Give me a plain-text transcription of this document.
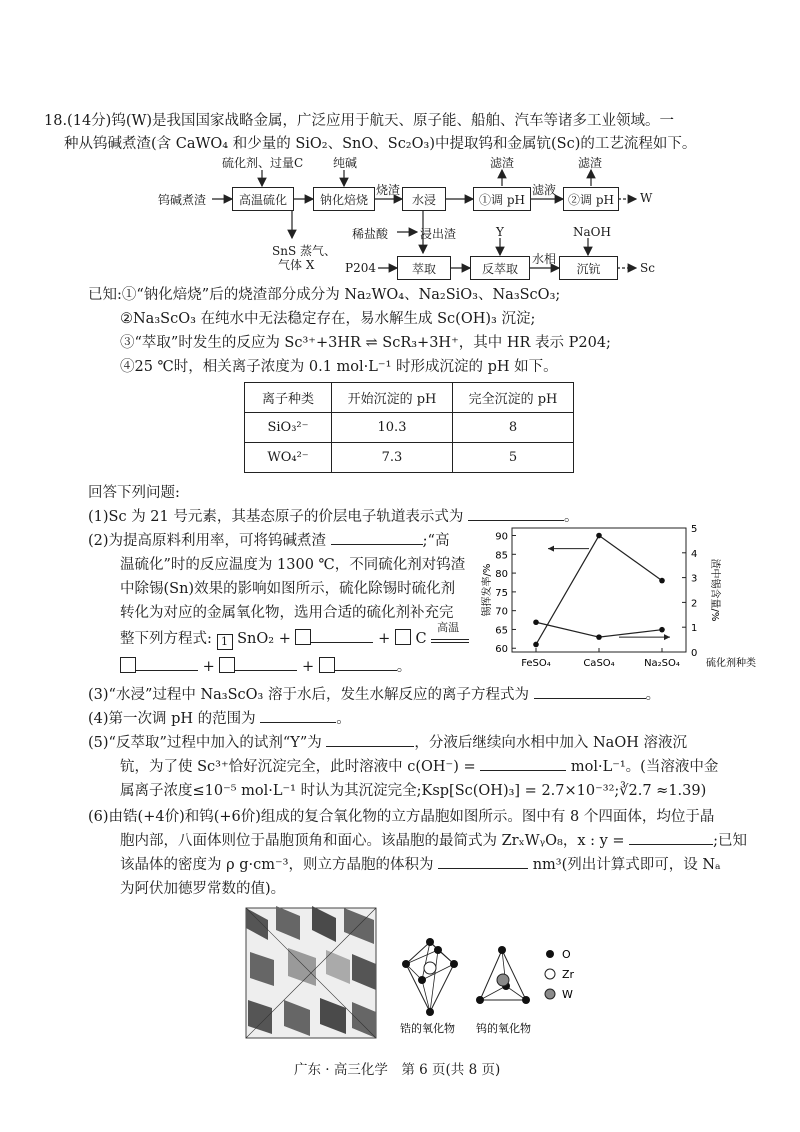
18.(14分)钨(W)是我国国家战略金属，广泛应用于航天、原子能、船舶、汽车等诸多工业领域。一
种从钨碱煮渣(含 CaWO₄ 和少量的 SiO₂、SnO、Sc₂O₃)中提取钨和金属钪(Sc)的工艺流程如下。
硫化剂、过量C 纯碱	滤渣	滤渣
钨碱煮渣	高温硫化	钠化焙烧
烧渣
水浸	①调 pH
滤液
②调 pH	W
SnS 蒸气、
气体 X
稀盐酸	浸出渣	Y	NaOH
P204	萃取	反萃取
水相
沉钪	Sc
已知:①“钠化焙烧”后的烧渣部分成分为 Na₂WO₄、Na₂SiO₃、Na₃ScO₃;
②Na₃ScO₃ 在纯水中无法稳定存在，易水解生成 Sc(OH)₃ 沉淀;
③“萃取”时发生的反应为 Sc³⁺+3HR ⇌ ScR₃+3H⁺，其中 HR 表示 P204;
④25 ℃时，相关离子浓度为 0.1 mol·L⁻¹ 时形成沉淀的 pH 如下。
离子种类	开始沉淀的 pH	完全沉淀的 pH
SiO₃²⁻	10.3	8
WO₄²⁻	7.3	5
回答下列问题:
(1)Sc 为 21 号元素，其基态原子的价层电子轨道表示式为	。
(2)为提高原料利用率，可将钨碱煮渣	;“高
温硫化”时的反应温度为 1300 ℃，不同硫化剂对钨渣
中除锡(Sn)效果的影响如图所示，硫化除锡时硫化剂
转化为对应的金属氧化物，选用合适的硫化剂补充完
整下列方程式: 1 SnO₂ +	+ C
高温
+	+	。
60
65
70
75
80
85
90
0
1
2
3
4
5
FeSO₄	CaSO₄	Na₂SO₄	硫化剂种类
锡挥发率/%	渣中锡含量/%
(3)“水浸”过程中 Na₃ScO₃ 溶于水后，发生水解反应的离子方程式为	。
(4)第一次调 pH 的范围为	。
(5)“反萃取”过程中加入的试剂“Y”为	，分液后继续向水相中加入 NaOH 溶液沉
钪，为了使 Sc³⁺恰好沉淀完全，此时溶液中 c(OH⁻) =	mol·L⁻¹。(当溶液中金
属离子浓度≤10⁻⁵ mol·L⁻¹ 时认为其沉淀完全;Ksp[Sc(OH)₃] = 2.7×10⁻³²;∛2.7 ≈1.39)
(6)由锆(+4价)和钨(+6价)组成的复合氧化物的立方晶胞如图所示。图中有 8 个四面体，均位于晶
胞内部，八面体则位于晶胞顶角和面心。该晶胞的最简式为 ZrₓWᵧO₈，x : y =	;已知
该晶体的密度为 ρ g·cm⁻³，则立方晶胞的体积为	nm³(列出计算式即可，设 Nₐ
为阿伏加德罗常数的值)。
O
Zr
W
锆的氧化物 钨的氧化物
广东 · 高三化学　第 6 页(共 8 页)
